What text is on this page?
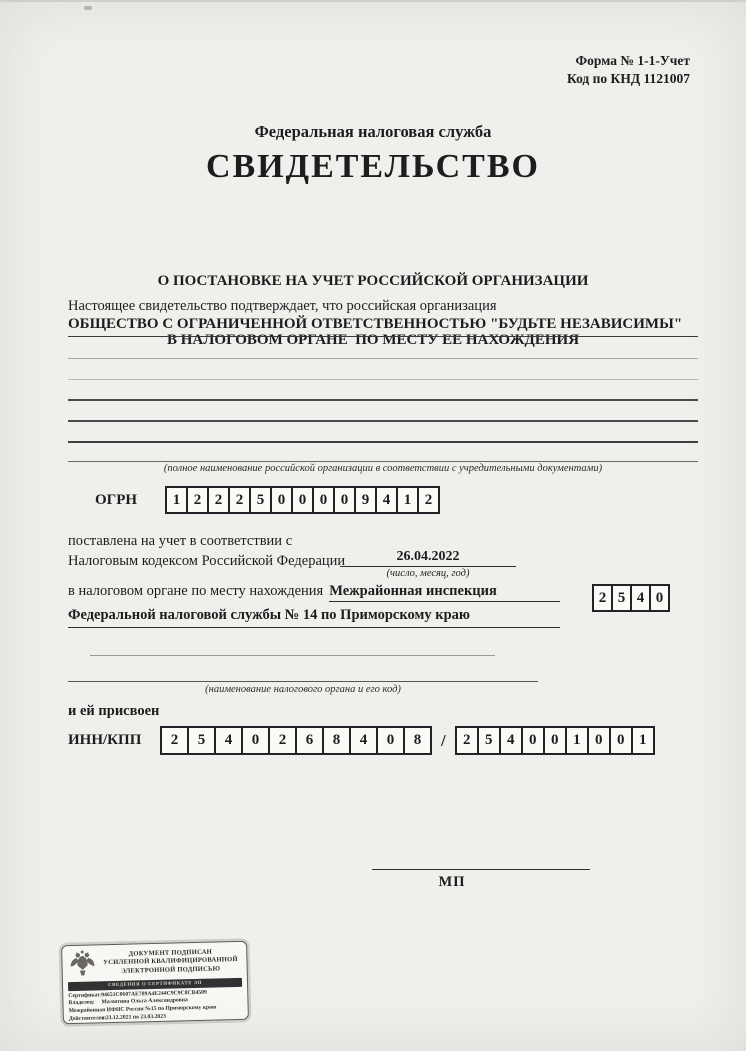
Форма № 1-1-Учет
Код по КНД 1121007
Федеральная налоговая служба
СВИДЕТЕЛЬСТВО

О ПОСТАНОВКЕ НА УЧЕТ РОССИЙСКОЙ ОРГАНИЗАЦИИ

В НАЛОГОВОМ ОРГАНЕ  ПО МЕСТУ ЕЕ НАХОЖДЕНИЯ

Настоящее свидетельство подтверждает, что российская организация
ОБЩЕСТВО С ОГРАНИЧЕННОЙ ОТВЕТСТВЕННОСТЬЮ "БУДЬТЕ НЕЗАВИСИМЫ"
(полное наименование российской организации в соответствии с учредительными документами)
ОГРН	1 2 2 2 5 0 0 0 0 9 4 1 2
поставлена на учет в соответствии с
Налоговым кодексом Российской Федерации	26.04.2022
(число, месяц, год)
в налоговом органе по месту нахождения Межрайонная инспекция
Федеральной налоговой службы № 14 по Приморскому краю
2 5 4 0
(наименование налогового органа и его код)
и ей присвоен
ИНН/КПП	2	5	4	0	2	6	8	4	0	8	/	2 5 4 0 0 1 0 0 1
МП
ДОКУМЕНТ ПОДПИСАН
УСИЛЕННОЙ КВАЛИФИЦИРОВАННОЙ
ЭЛЕКТРОННОЙ ПОДПИСЬЮ
СВЕДЕНИЯ О СЕРТИФИКАТЕ ЭП
Сертификат: 94651C0607AE789A4E244C9C9C8CB4509
Владелец:	Малютина Ольга Александровна
Межрайонная ИФНС России №15 по Приморскому краю
Действителен:
с 23.12.2021 по 23.03.2023
